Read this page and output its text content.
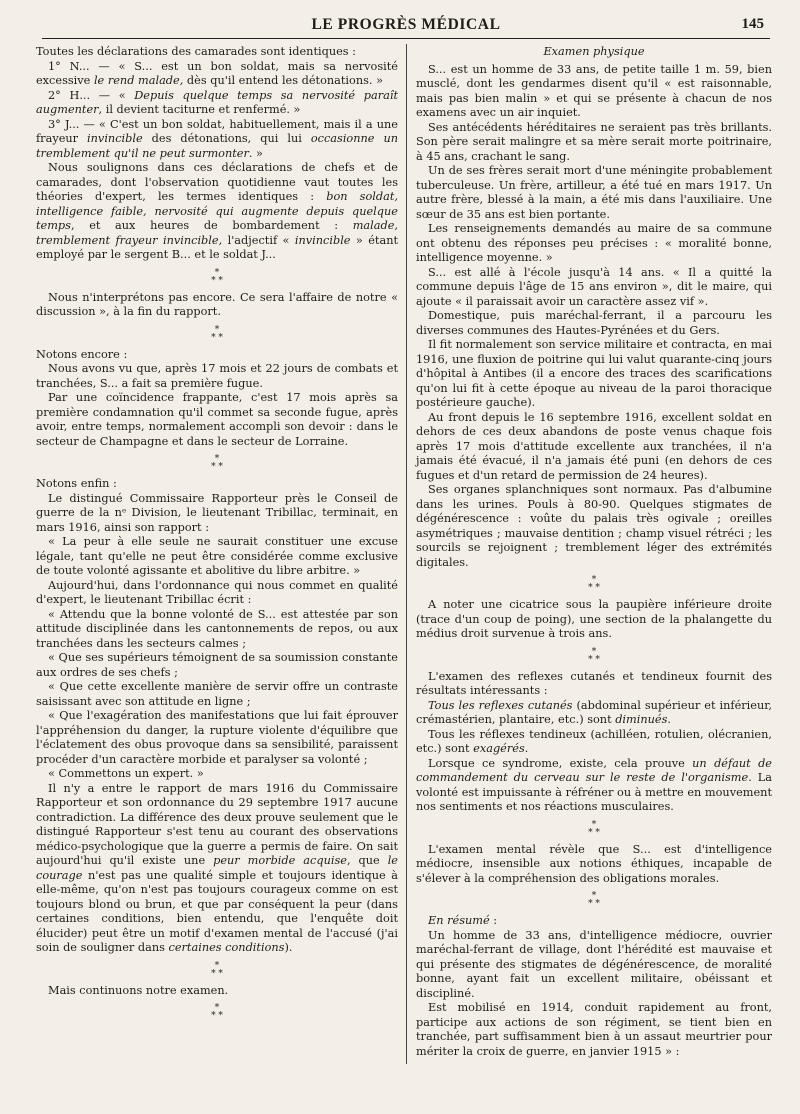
LE PROGRÈS MÉDICAL	145

Toutes les déclarations des camarades sont identiques :

1° N... — « S... est un bon soldat, mais sa nervosité excessive le rend malade, dès qu'il entend les détonations. »

2° H... — « Depuis quelque temps sa nervosité paraît augmenter, il devient taciturne et renfermé. »

3° J... — « C'est un bon soldat, habituellement, mais il a une frayeur invincible des détonations, qui lui occasionne un tremblement qu'il ne peut surmonter. »

Nous soulignons dans ces déclarations de chefs et de camarades, dont l'observation quotidienne vaut toutes les théories d'expert, les termes identiques : bon soldat, intelligence faible, nervosité qui augmente depuis quelque temps, et aux heures de bombardement : malade, tremblement frayeur invincible, l'adjectif « invincible » étant employé par le sergent B... et le soldat J...

*
* *

Nous n'interprétons pas encore. Ce sera l'affaire de notre « discussion », à la fin du rapport.

*
* *

Notons encore :

Nous avons vu que, après 17 mois et 22 jours de combats et tranchées, S... a fait sa première fugue.

Par une coïncidence frappante, c'est 17 mois après sa première condamnation qu'il commet sa seconde fugue, après avoir, entre temps, normalement accompli son devoir : dans le secteur de Champagne et dans le secteur de Lorraine.

*
* *

Notons enfin :

Le distingué Commissaire Rapporteur près le Conseil de guerre de la nᵉ Division, le lieutenant Tribillac, terminait, en mars 1916, ainsi son rapport :

« La peur à elle seule ne saurait constituer une excuse légale, tant qu'elle ne peut être considérée comme exclusive de toute volonté agissante et abolitive du libre arbitre. »

Aujourd'hui, dans l'ordonnance qui nous commet en qualité d'expert, le lieutenant Tribillac écrit :

« Attendu que la bonne volonté de S... est attestée par son attitude disciplinée dans les cantonnements de repos, ou aux tranchées dans les secteurs calmes ;

« Que ses supérieurs témoignent de sa soumission constante aux ordres de ses chefs ;

« Que cette excellente manière de servir offre un contraste saisissant avec son attitude en ligne ;

« Que l'exagération des manifestations que lui fait éprouver l'appréhension du danger, la rupture violente d'équilibre que l'éclatement des obus provoque dans sa sensibilité, paraissent procéder d'un caractère morbide et paralyser sa volonté ;

« Commettons un expert. »

Il n'y a entre le rapport de mars 1916 du Commissaire Rapporteur et son ordonnance du 29 septembre 1917 aucune contradiction. La différence des deux prouve seulement que le distingué Rapporteur s'est tenu au courant des observations médico-psychologique que la guerre a permis de faire. On sait aujourd'hui qu'il existe une peur morbide acquise, que le courage n'est pas une qualité simple et toujours identique à elle-même, qu'on n'est pas toujours courageux comme on est toujours blond ou brun, et que par conséquent la peur (dans certaines conditions, bien entendu, que l'enquête doit élucider) peut être un motif d'examen mental de l'accusé (j'ai soin de souligner dans certaines conditions).

*
* *

Mais continuons notre examen.

*
* *
Examen physique

S... est un homme de 33 ans, de petite taille 1 m. 59, bien musclé, dont les gendarmes disent qu'il « est raisonnable, mais pas bien malin » et qui se présente à chacun de nos examens avec un air inquiet.

Ses antécédents héréditaires ne seraient pas très brillants. Son père serait malingre et sa mère serait morte poitrinaire, à 45 ans, crachant le sang.

Un de ses frères serait mort d'une méningite probablement tuberculeuse. Un frère, artilleur, a été tué en mars 1917. Un autre frère, blessé à la main, a été mis dans l'auxiliaire. Une sœur de 35 ans est bien portante.

Les renseignements demandés au maire de sa commune ont obtenu des réponses peu précises : « moralité bonne, intelligence moyenne. »

S... est allé à l'école jusqu'à 14 ans. « Il a quitté la commune depuis l'âge de 15 ans environ », dit le maire, qui ajoute « il paraissait avoir un caractère assez vif ».

Domestique, puis maréchal-ferrant, il a parcouru les diverses communes des Hautes-Pyrénées et du Gers.

Il fit normalement son service militaire et contracta, en mai 1916, une fluxion de poitrine qui lui valut quarante-cinq jours d'hôpital à Antibes (il a encore des traces des scarifications qu'on lui fit à cette époque au niveau de la paroi thoracique postérieure gauche).

Au front depuis le 16 septembre 1916, excellent soldat en dehors de ces deux abandons de poste venus chaque fois après 17 mois d'attitude excellente aux tranchées, il n'a jamais été évacué, il n'a jamais été puni (en dehors de ces fugues et d'un retard de permission de 24 heures).

Ses organes splanchniques sont normaux. Pas d'albumine dans les urines. Pouls à 80-90. Quelques stigmates de dégénérescence : voûte du palais très ogivale ; oreilles asymétriques ; mauvaise dentition ; champ visuel rétréci ; les sourcils se rejoignent ; tremblement léger des extrémités digitales.

*
* *

A noter une cicatrice sous la paupière inférieure droite (trace d'un coup de poing), une section de la phalangette du médius droit survenue à trois ans.

*
* *

L'examen des reflexes cutanés et tendineux fournit des résultats intéressants :

Tous les reflexes cutanés (abdominal supérieur et inférieur, crémastérien, plantaire, etc.) sont diminués.

Tous les réflexes tendineux (achilléen, rotulien, olécranien, etc.) sont exagérés.

Lorsque ce syndrome, existe, cela prouve un défaut de commandement du cerveau sur le reste de l'organisme. La volonté est impuissante à réfréner ou à mettre en mouvement nos sentiments et nos réactions musculaires.

*
* *

L'examen mental révèle que S... est d'intelligence médiocre, insensible aux notions éthiques, incapable de s'élever à la compréhension des obligations morales.

*
* *

En résumé :

Un homme de 33 ans, d'intelligence médiocre, ouvrier maréchal-ferrant de village, dont l'hérédité est mauvaise et qui présente des stigmates de dégénérescence, de moralité bonne, ayant fait un excellent militaire, obéissant et discipliné.

Est mobilisé en 1914, conduit rapidement au front, participe aux actions de son régiment, se tient bien en tranchée, part suffisamment bien à un assaut meurtrier pour mériter la croix de guerre, en janvier 1915 » :
